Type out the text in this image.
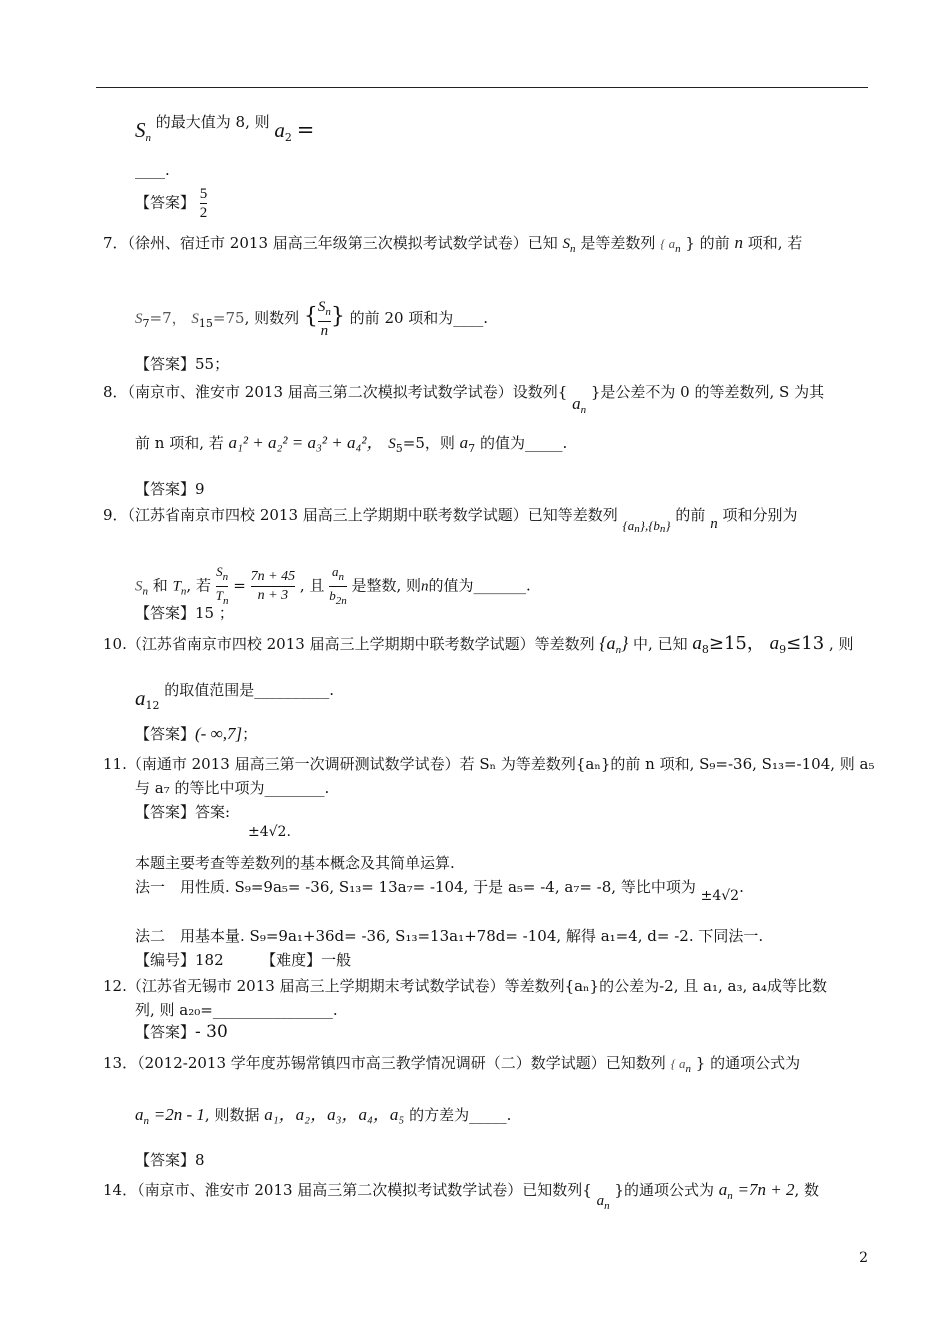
$S_n$ 的最大值为 8, 则 $a_2$ =
____.
【答案】 $\frac{5}{2}$
7．（徐州、宿迁市 2013 届高三年级第三次模拟考试数学试卷）已知 $S_n$ 是等差数列 { $a_n$ } 的前 n 项和, 若
$S_7=7$， $S_{15}=75$, 则数列 { $\frac{S_n}{n}$ } 的前 20 项和为____.
【答案】55；
8．（南京市、淮安市 2013 届高三第二次模拟考试数学试卷）设数列{ $a_n$ }是公差不为 0 的等差数列, S 为其
前 n 项和, 若 a₁² + a₂² = a₃² + a₄²， $S_5=5$，则 $a_7$ 的值为_____.
【答案】9
9．（江苏省南京市四校 2013 届高三上学期期中联考数学试题）已知等差数列 $\{a_n\},\{b_n\}$ 的前 n 项和分别为
$S_n$ 和 $T_n$, 若 $\frac{S_n}{T_n} = \frac{7n + 45}{n + 3}$ , 且 $\frac{a_n}{b_{2n}}$ 是整数, 则n的值为_______.
【答案】15 ；
10.（江苏省南京市四校 2013 届高三上学期期中联考数学试题）等差数列 $\{a_n\}$ 中, 已知 $a_8\ge 15$， $a_9\le 13$ , 则
$a_{12}$ 的取值范围是__________.
【答案】(- ∞,7]；
11.（南通市 2013 届高三第一次调研测试数学试卷）若 Sₙ 为等差数列{aₙ}的前 n 项和, S₉=-36, S₁₃=-104, 则 a₅
与 a₇ 的等比中项为________.
【答案】答案:
±4√2.
本题主要考查等差数列的基本概念及其简单运算.
法一　用性质. S₉=9a₅= -36, S₁₃= 13a₇= -104, 于是 a₅= -4, a₇= -8, 等比中项为 ±4√2.
法二　用基本量. S₉=9a₁+36d= -36, S₁₃=13a₁+78d= -104, 解得 a₁=4, d= -2. 下同法一.
【编号】182　　　【难度】一般
12.（江苏省无锡市 2013 届高三上学期期末考试数学试卷）等差数列{aₙ}的公差为-2, 且 a₁, a₃, a₄成等比数
列, 则 a₂₀=________________.
【答案】- 30
13．（2012-2013 学年度苏锡常镇四市高三教学情况调研（二）数学试题）已知数列 { $a_n$ } 的通项公式为
$a_n =2n - 1$, 则数据 a₁，a₂，a₃，a₄，a₅ 的方差为_____.
【答案】8
14．（南京市、淮安市 2013 届高三第二次模拟考试数学试卷）已知数列{ $a_n$ }的通项公式为 $a_n =7n + 2$, 数
2
